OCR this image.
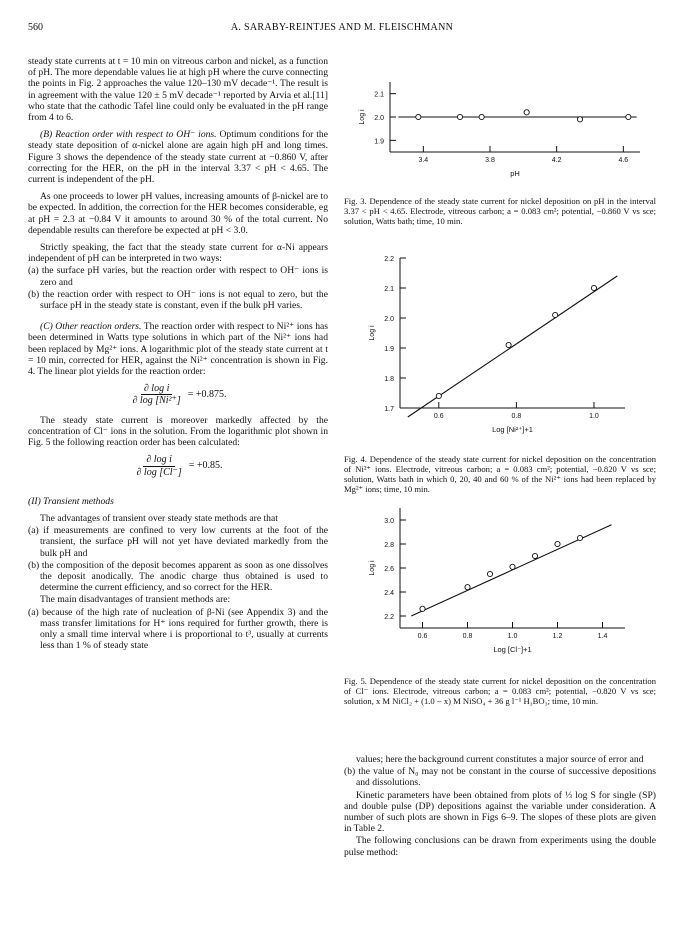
560	A. SARABY-REINTJES AND M. FLEISCHMANN

steady state currents at t = 10 min on vitreous carbon and nickel, as a function of pH. The more dependable values lie at high pH where the curve connecting the points in Fig. 2 approaches the value 120–130 mV decade⁻¹. The result is in agreement with the value 120 ± 5 mV decade⁻¹ reported by Arvia et al.[11] who state that the cathodic Tafel line could only be evaluated in the pH range from 4 to 6.

(B) Reaction order with respect to OH⁻ ions. Optimum conditions for the steady state deposition of α-nickel alone are again high pH and long times. Figure 3 shows the dependence of the steady state current at −0.860 V, after correcting for the HER, on the pH in the interval 3.37 < pH < 4.65. The current is independent of the pH.

As one proceeds to lower pH values, increasing amounts of β-nickel are to be expected. In addition, the correction for the HER becomes considerable, eg at pH = 2.3 at −0.84 V it amounts to around 30 % of the total current. No dependable results can therefore be expected at pH < 3.0.

Strictly speaking, the fact that the steady state current for α-Ni appears independent of pH can be interpreted in two ways:

(a) the surface pH varies, but the reaction order with respect to OH⁻ ions is zero and

(b) the reaction order with respect to OH⁻ ions is not equal to zero, but the surface pH in the steady state is constant, even if the bulk pH varies.

(C) Other reaction orders. The reaction order with respect to Ni²⁺ ions has been determined in Watts type solutions in which part of the Ni²⁺ ions had been replaced by Mg²⁺ ions. A logarithmic plot of the steady state current at t = 10 min, corrected for HER, against the Ni²⁺ concentration is shown in Fig. 4. The linear plot yields for the reaction order:

$\frac{\text{∂ log i}}{\text{∂ log [Ni²⁺]}} = +0.875$.

The steady state current is moreover markedly affected by the concentration of Cl⁻ ions in the solution. From the logarithmic plot shown in Fig. 5 the following reaction order has been calculated:

$\frac{\text{∂ log i}}{\partial \log [Cl^-]} = +0.85$.

(II) Transient methods

The advantages of transient over steady state methods are that

(a) if measurements are confined to very low currents at the foot of the transient, the surface pH will not yet have deviated markedly from the bulk pH and

(b) the composition of the deposit becomes apparent as soon as one dissolves the deposit anodically. The anodic charge thus obtained is used to determine the current efficiency, and so correct for the HER.

The main disadvantages of transient methods are:

(a) because of the high rate of nucleation of β-Ni (see Appendix 3) and the mass transfer limitations for H⁺ ions required for further growth, there is only a small time interval where i is proportional to t³, usually at currents less than 1 % of steady state

1.9
2.0
2.1
3.4	3.8	4.2	4.6
Log i
pH
Fig. 3. Dependence of the steady state current for nickel deposition on pH in the interval 3.37 < pH < 4.65. Electrode, vitreous carbon; a = 0.083 cm²; potential, −0.860 V vs sce; solution, Watts bath; time, 10 min.
1.7
1.8
1.9
2.0
2.1
2.2
0.6	0.8	1.0
Log i
Log [Ni²⁺]+1
Fig. 4. Dependence of the steady state current for nickel deposition on the concentration of Ni²⁺ ions. Electrode, vitreous carbon; a = 0.083 cm²; potential, −0.820 V vs sce; solution, Watts bath in which 0, 20, 40 and 60 % of the Ni²⁺ ions had been replaced by Mg²⁺ ions; time, 10 min.
2.2
2.4
2.6
2.8
3.0
0.6	0.8	1.0	1.2	1.4
Log i
Log [Cl⁻]+1
Fig. 5. Dependence of the steady state current for nickel deposition on the concentration of Cl⁻ ions. Electrode, vitreous carbon; a = 0.083 cm²; potential, −0.820 V vs sce; solution, x M NiCl₂ + (1.0 − x) M NiSO₄ + 36 g l⁻¹ H₃BO₃; time, 10 min.

values; here the background current constitutes a major source of error and

(b) the value of N₀ may not be constant in the course of successive depositions and dissolutions.

Kinetic parameters have been obtained from plots of ⅓ log S for single (SP) and double pulse (DP) depositions against the variable under consideration. A number of such plots are shown in Figs 6–9. The slopes of these plots are given in Table 2.

The following conclusions can be drawn from experiments using the double pulse method:
